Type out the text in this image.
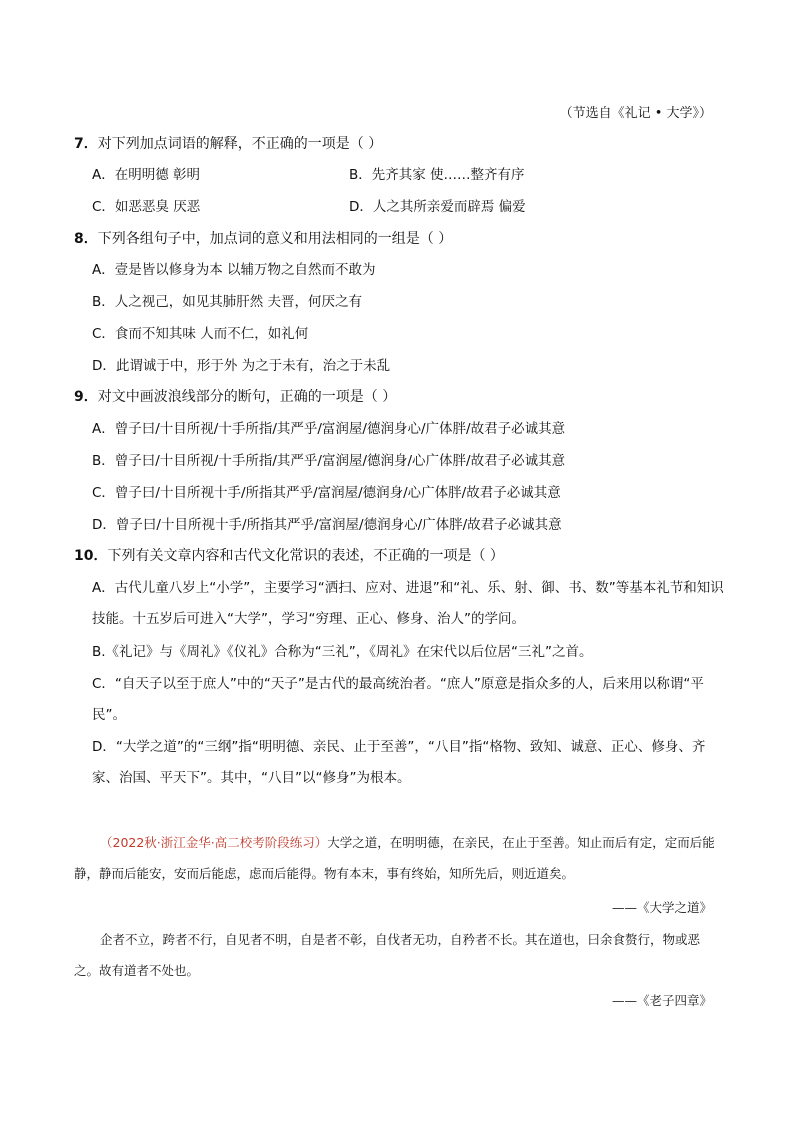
（节选自《礼记 • 大学》）
7．对下列加点词语的解释，不正确的一项是（ ）
A．在明明德 彰明	B．先齐其家 使……整齐有序
C．如恶恶臭 厌恶	D．人之其所亲爱而辟焉 偏爱
8．下列各组句子中，加点词的意义和用法相同的一组是（ ）
A．壹是皆以修身为本 以辅万物之自然而不敢为
B．人之视己，如见其肺肝然 夫晋，何厌之有
C．食而不知其味 人而不仁，如礼何
D．此谓诚于中，形于外 为之于未有，治之于未乱
9．对文中画波浪线部分的断句，正确的一项是（ ）
A．曾子曰/十目所视/十手所指/其严乎/富润屋/德润身心/广体胖/故君子必诚其意
B．曾子曰/十目所视/十手所指/其严乎/富润屋/德润身/心广体胖/故君子必诚其意
C．曾子曰/十目所视十手/所指其严乎/富润屋/德润身/心广体胖/故君子必诚其意
D．曾子曰/十目所视十手/所指其严乎/富润屋/德润身心/广体胖/故君子必诚其意
10．下列有关文章内容和古代文化常识的表述，不正确的一项是（ ）
A．古代儿童八岁上“小学”，主要学习“洒扫、应对、进退”和“礼、乐、射、御、书、数”等基本礼节和知识技能。十五岁后可进入“大学”，学习“穷理、正心、修身、治人”的学问。
B.《礼记》与《周礼》《仪礼》合称为“三礼”，《周礼》在宋代以后位居“三礼”之首。
C．“自天子以至于庶人”中的“天子”是古代的最高统治者。“庶人”原意是指众多的人，后来用以称谓“平民”。
D．“大学之道”的“三纲”指“明明德、亲民、止于至善”，“八目”指“格物、致知、诚意、正心、修身、齐家、治国、平天下”。其中，“八目”以“修身”为根本。
（2022秋·浙江金华·高二校考阶段练习）大学之道，在明明德，在亲民，在止于至善。知止而后有定，定而后能静，静而后能安，安而后能虑，虑而后能得。物有本末，事有终始，知所先后，则近道矣。
——《大学之道》
企者不立，跨者不行，自见者不明，自是者不彰，自伐者无功，自矜者不长。其在道也，曰余食赘行，物或恶之。故有道者不处也。
——《老子四章》
